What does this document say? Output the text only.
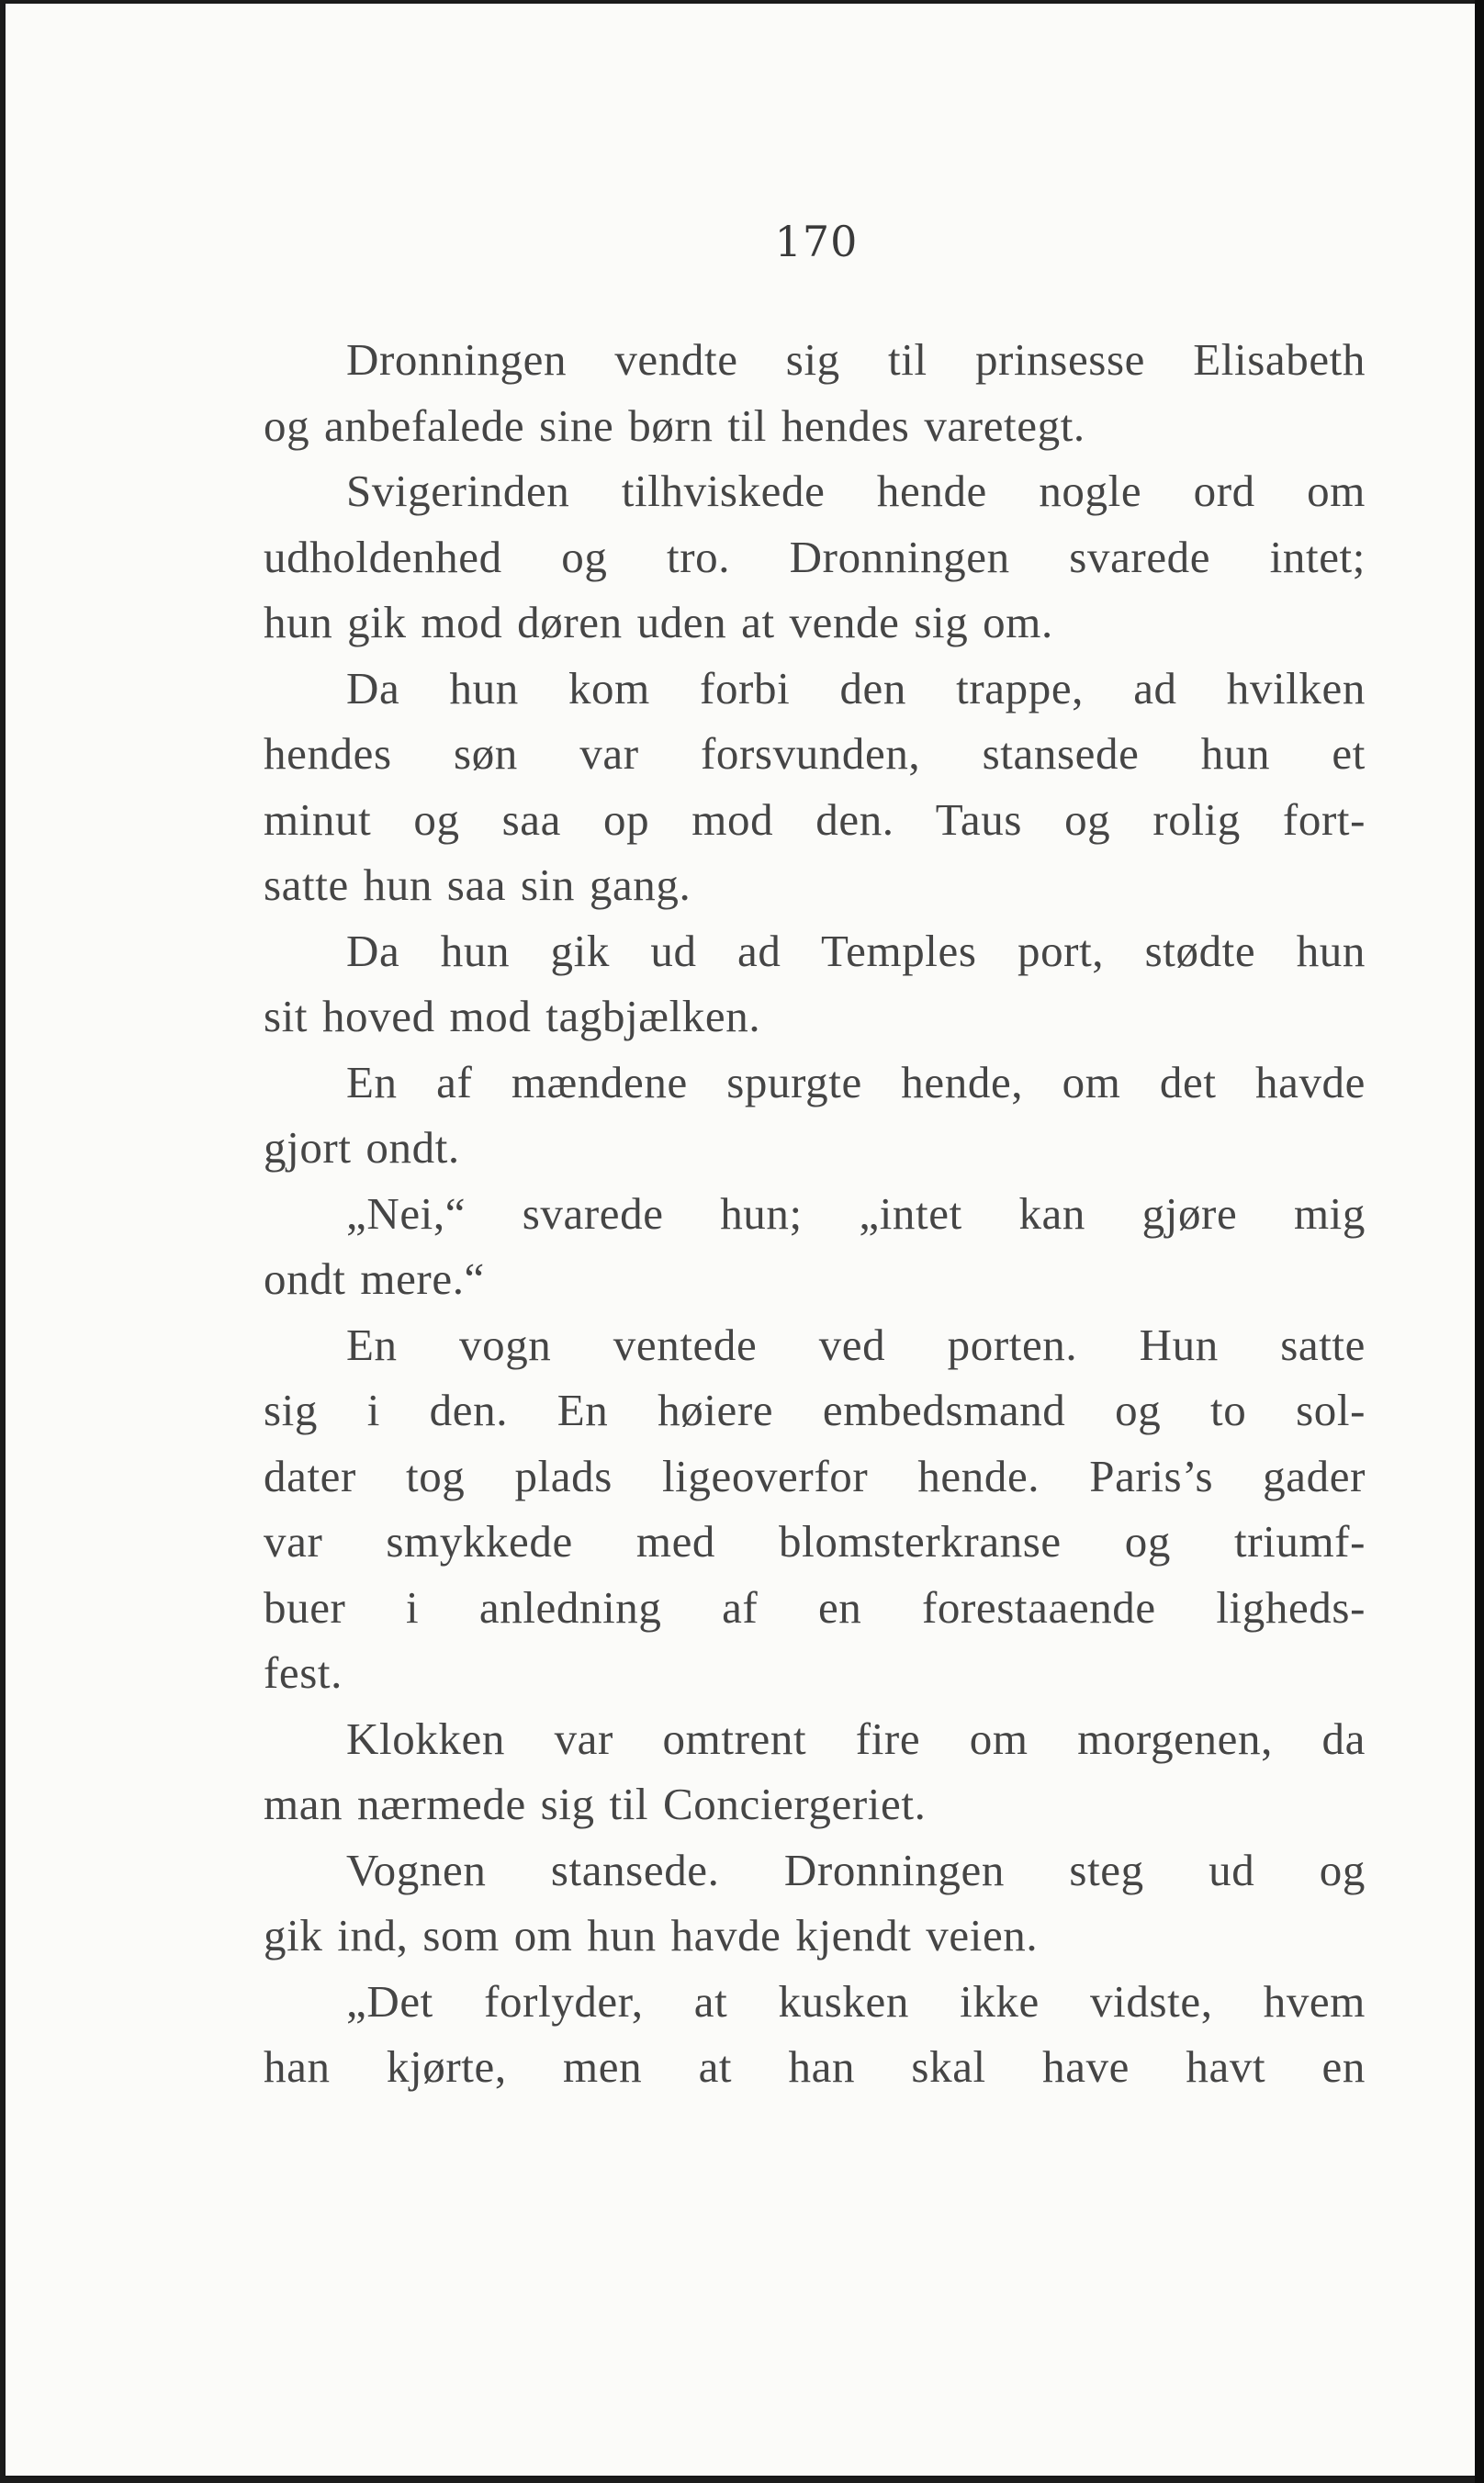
170
Dronningen vendte sig til prinsesse Elisabeth
og anbefalede sine børn til hendes varetegt.
Svigerinden tilhviskede hende nogle ord om
udholdenhed og tro. Dronningen svarede intet;
hun gik mod døren uden at vende sig om.
Da hun kom forbi den trappe, ad hvilken
hendes søn var forsvunden, stansede hun et
minut og saa op mod den. Taus og rolig fort-
satte hun saa sin gang.
Da hun gik ud ad Temples port, stødte hun
sit hoved mod tagbjælken.
En af mændene spurgte hende, om det havde
gjort ondt.
„Nei,“ svarede hun; „intet kan gjøre mig
ondt mere.“
En vogn ventede ved porten. Hun satte
sig i den. En høiere embedsmand og to sol-
dater tog plads ligeoverfor hende. Paris’s gader
var smykkede med blomsterkranse og triumf-
buer i anledning af en forestaaende ligheds-
fest.
Klokken var omtrent fire om morgenen, da
man nærmede sig til Conciergeriet.
Vognen stansede. Dronningen steg ud og
gik ind, som om hun havde kjendt veien.
„Det forlyder, at kusken ikke vidste, hvem
han kjørte, men at han skal have havt en
